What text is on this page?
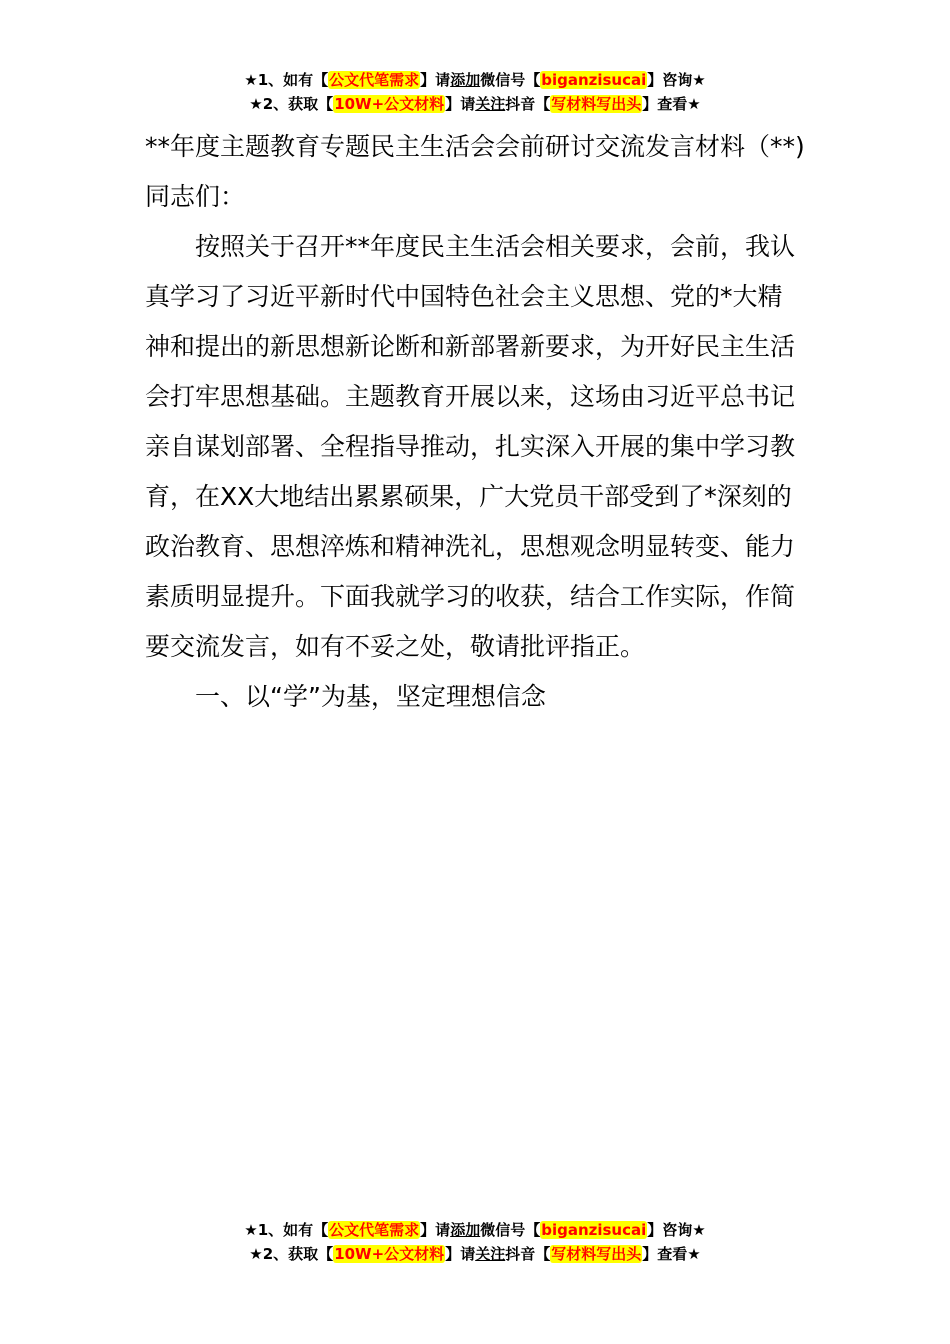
★1、如有【公文代笔需求】请添加微信号【biganzisucai】咨询★
★2、获取【10W+公文材料】请关注抖音【写材料写出头】查看★

**年度主题教育专题民主生活会会前研讨交流发言材料（**)

同志们：

按照关于召开**年度民主生活会相关要求，会前，我认真学习了习近平新时代中国特色社会主义思想、党的*大精神和提出的新思想新论断和新部署新要求，为开好民主生活会打牢思想基础。主题教育开展以来，这场由习近平总书记亲自谋划部署、全程指导推动，扎实深入开展的集中学习教育，在XX大地结出累累硕果，广大党员干部受到了*深刻的政治教育、思想淬炼和精神洗礼，思想观念明显转变、能力素质明显提升。下面我就学习的收获，结合工作实际，作简要交流发言，如有不妥之处，敬请批评指正。

一、以“学”为基，坚定理想信念

★1、如有【公文代笔需求】请添加微信号【biganzisucai】咨询★
★2、获取【10W+公文材料】请关注抖音【写材料写出头】查看★
